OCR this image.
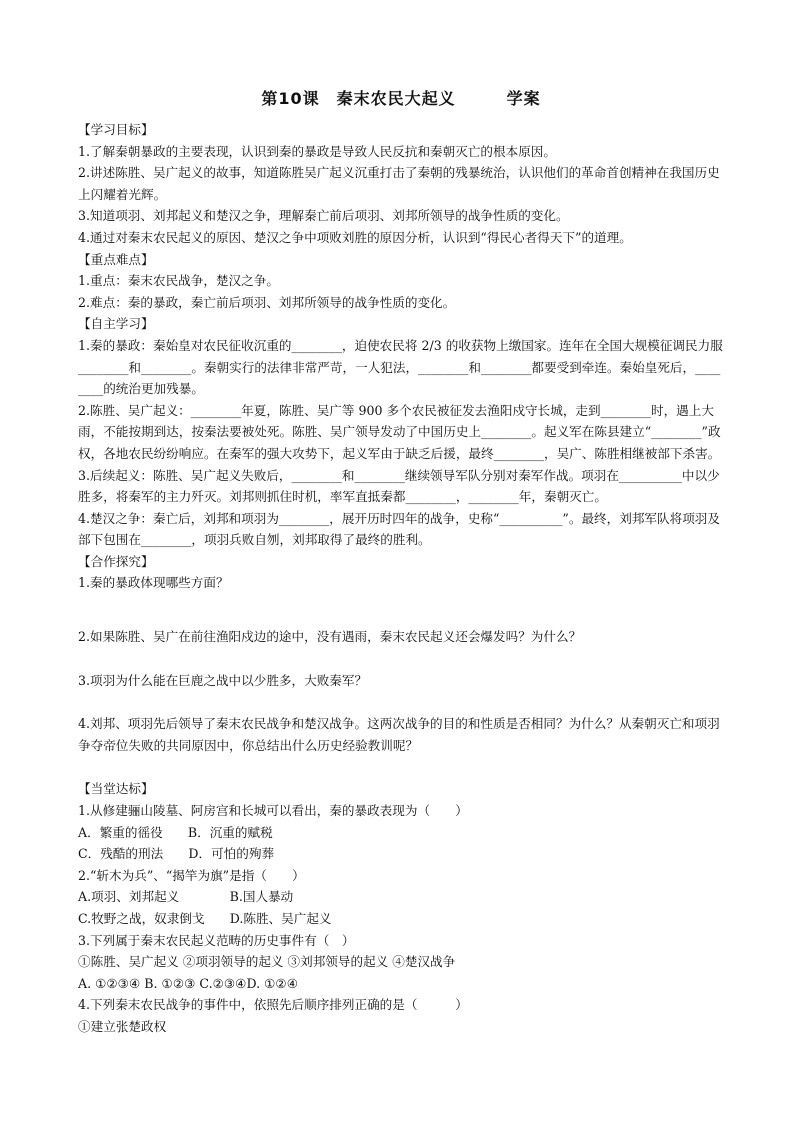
第10课　秦末农民大起义　　　学案
【学习目标】
1.了解秦朝暴政的主要表现，认识到秦的暴政是导致人民反抗和秦朝灭亡的根本原因。
2.讲述陈胜、吴广起义的故事，知道陈胜吴广起义沉重打击了秦朝的残暴统治，认识他们的革命首创精神在我国历史上闪耀着光辉。
3.知道项羽、刘邦起义和楚汉之争，理解秦亡前后项羽、刘邦所领导的战争性质的变化。
4.通过对秦末农民起义的原因、楚汉之争中项败刘胜的原因分析，认识到“得民心者得天下”的道理。
【重点难点】
1.重点：秦末农民战争，楚汉之争。
2.难点：秦的暴政，秦亡前后项羽、刘邦所领导的战争性质的变化。
【自主学习】
1.秦的暴政：秦始皇对农民征收沉重的________，迫使农民将 2/3 的收获物上缴国家。连年在全国大规模征调民力服________和________。秦朝实行的法律非常严苛，一人犯法，________和________都要受到牵连。秦始皇死后，________的统治更加残暴。
2.陈胜、吴广起义：________年夏，陈胜、吴广等 900 多个农民被征发去渔阳戍守长城，走到________时，遇上大雨，不能按期到达，按秦法要被处死。陈胜、吴广领导发动了中国历史上________。起义军在陈县建立“________”政权，各地农民纷纷响应。在秦军的强大攻势下，起义军由于缺乏后援，最终________，吴广、陈胜相继被部下杀害。
3.后续起义：陈胜、吴广起义失败后，________和________继续领导军队分别对秦军作战。项羽在__________中以少胜多，将秦军的主力歼灭。刘邦则抓住时机，率军直抵秦都________，________年，秦朝灭亡。
4.楚汉之争：秦亡后，刘邦和项羽为________，展开历时四年的战争，史称“__________”。最终，刘邦军队将项羽及部下包围在________，项羽兵败自刎，刘邦取得了最终的胜利。
【合作探究】
1.秦的暴政体现哪些方面？
2.如果陈胜、吴广在前往渔阳戍边的途中，没有遇雨，秦末农民起义还会爆发吗？为什么？
3.项羽为什么能在巨鹿之战中以少胜多，大败秦军？
4.刘邦、项羽先后领导了秦末农民战争和楚汉战争。这两次战争的目的和性质是否相同？为什么？从秦朝灭亡和项羽争夺帝位失败的共同原因中，你总结出什么历史经验教训呢？
【当堂达标】
1.从修建骊山陵墓、阿房宫和长城可以看出，秦的暴政表现为（　　）
A．繁重的徭役　　B．沉重的赋税
C．残酷的刑法　　D．可怕的殉葬
2.“斩木为兵”、“揭竿为旗”是指（　　）
A.项羽、刘邦起义　　　　B.国人暴动
C.牧野之战，奴隶倒戈　　D.陈胜、吴广起义
3.下列属于秦末农民起义范畴的历史事件有（　）
①陈胜、吴广起义 ②项羽领导的起义 ③刘邦领导的起义 ④楚汉战争
A. ①②③④ B. ①②③ C.②③④D. ①②④
4.下列秦末农民战争的事件中，依照先后顺序排列正确的是（　　　）
①建立张楚政权
